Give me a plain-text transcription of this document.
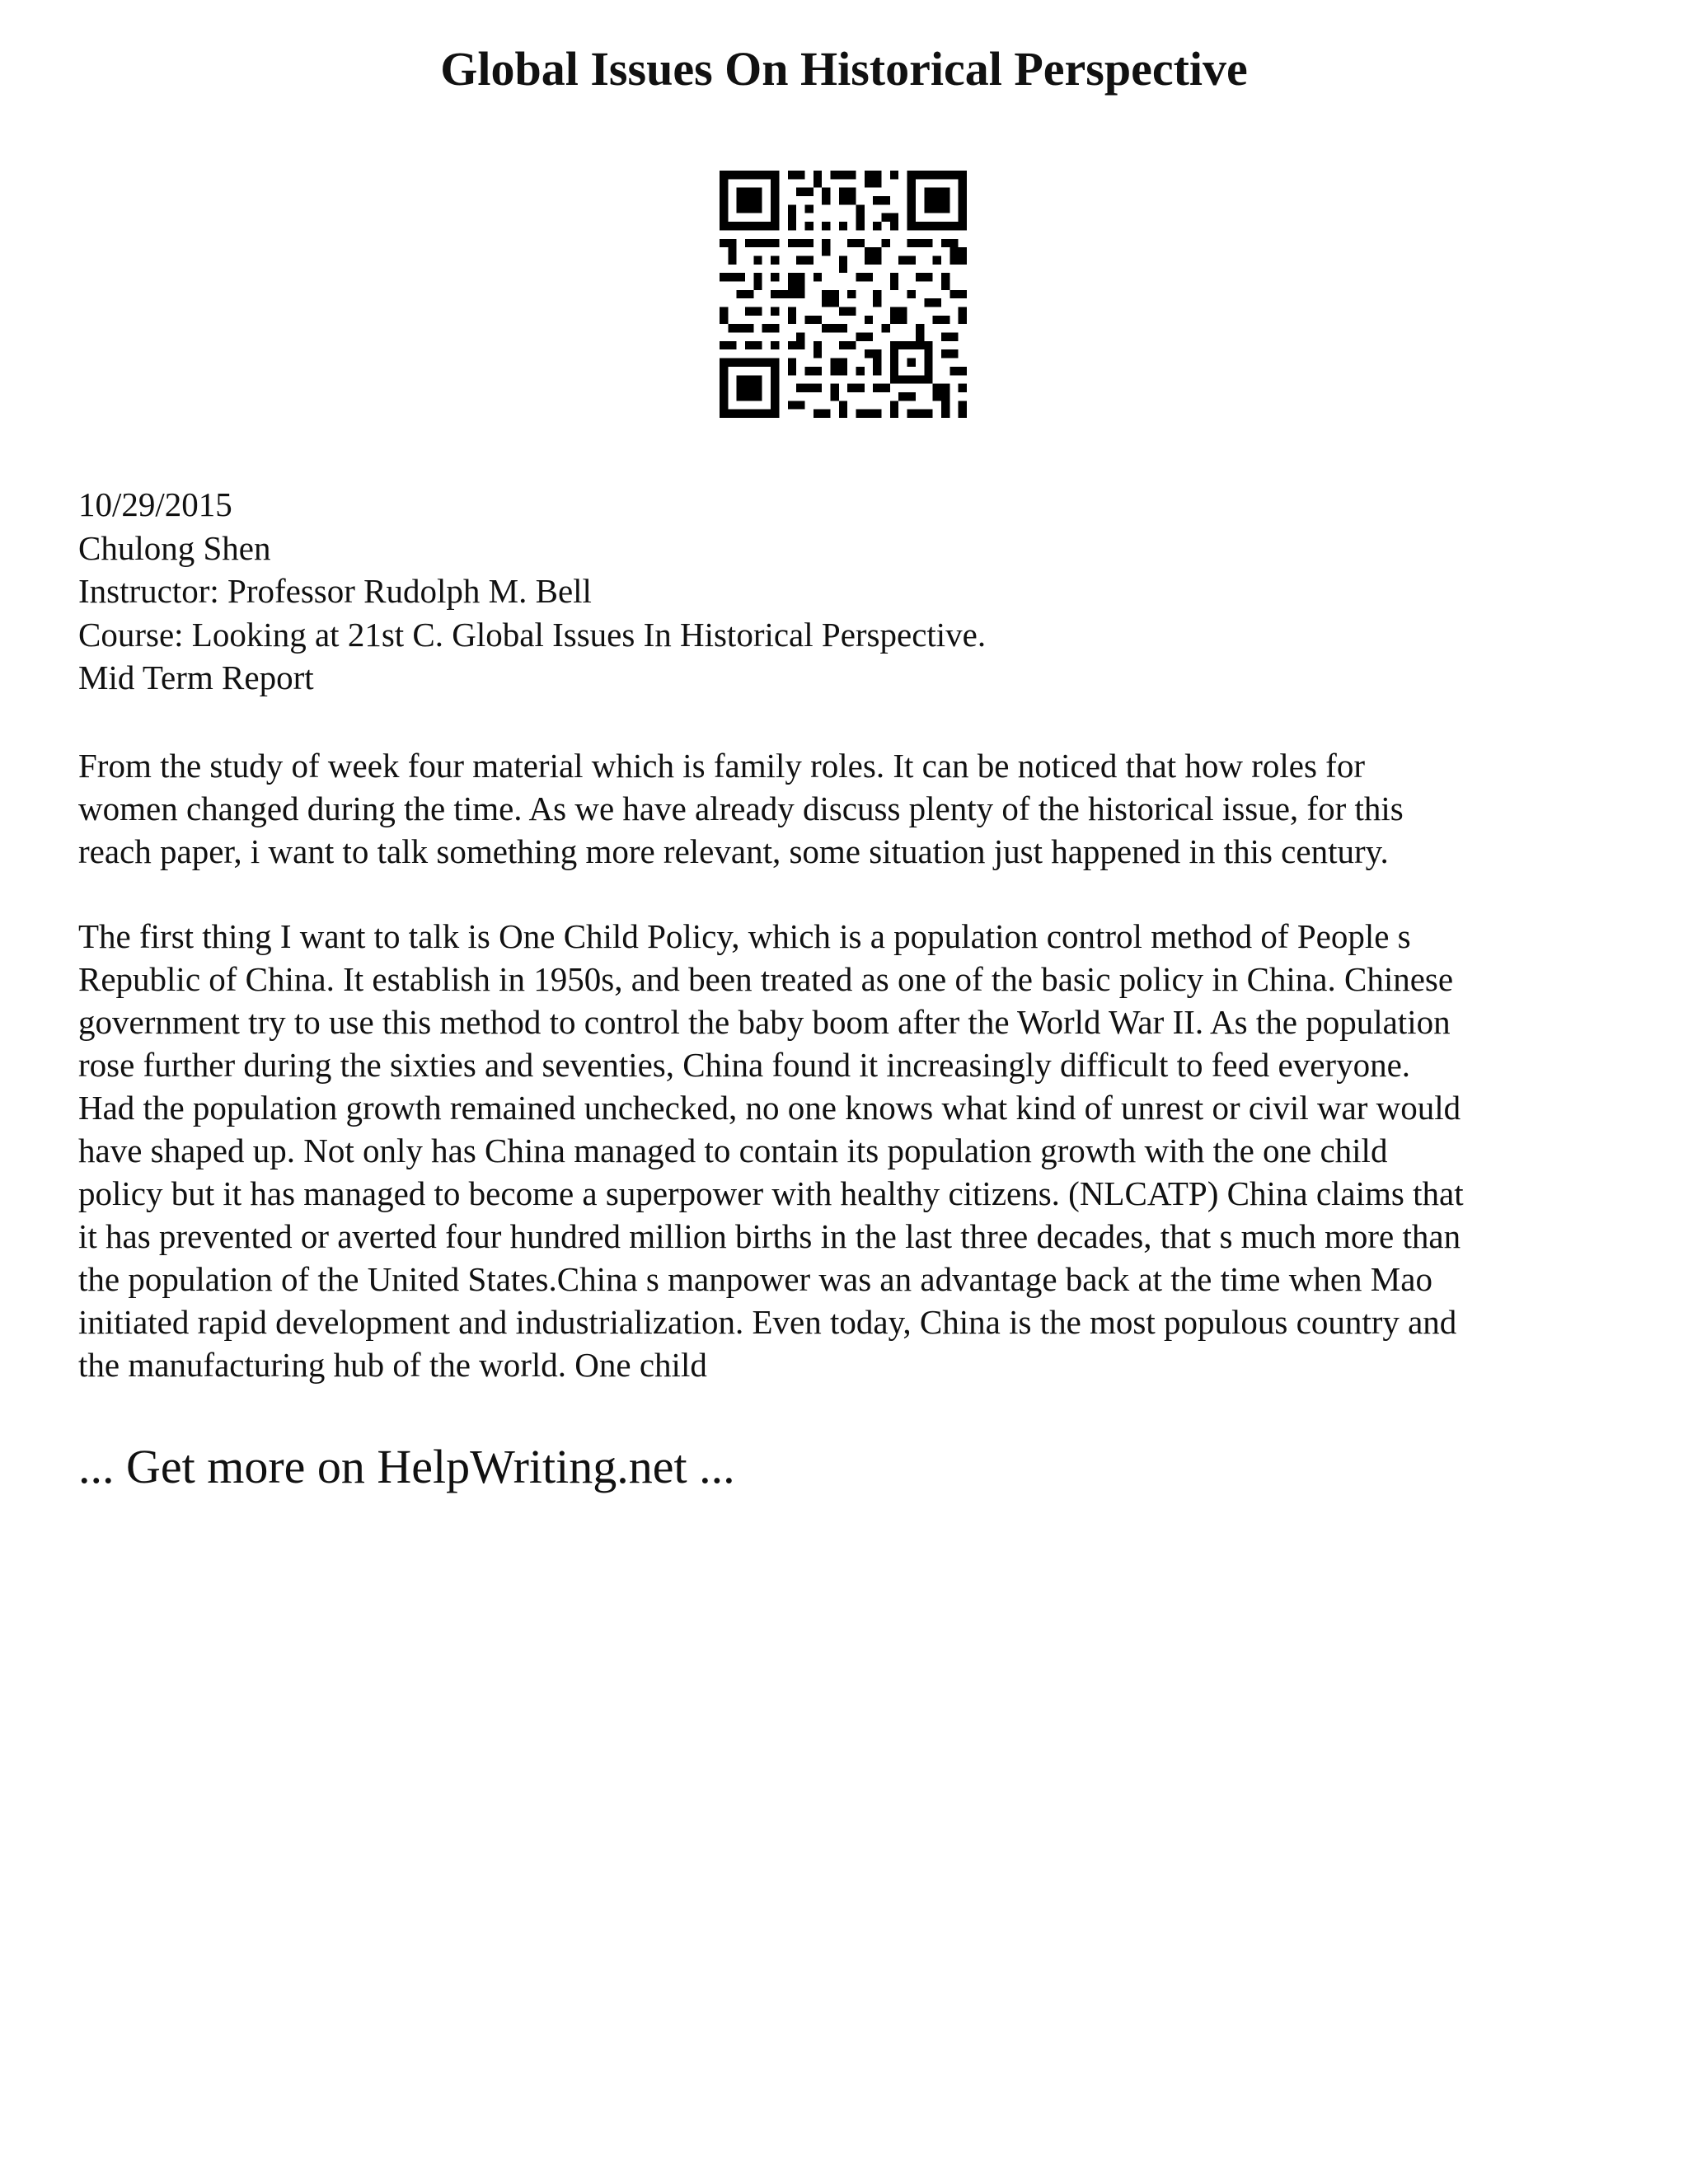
Global Issues On Historical Perspective
10/29/2015
Chulong Shen
Instructor: Professor Rudolph M. Bell
Course: Looking at 21st C. Global Issues In Historical Perspective.
Mid Term Report
From the study of week four material which is family roles. It can be noticed that how roles for
women changed during the time. As we have already discuss plenty of the historical issue, for this
reach paper, i want to talk something more relevant, some situation just happened in this century.
The first thing I want to talk is One Child Policy, which is a population control method of People s
Republic of China. It establish in 1950s, and been treated as one of the basic policy in China. Chinese
government try to use this method to control the baby boom after the World War II. As the population
rose further during the sixties and seventies, China found it increasingly difficult to feed everyone.
Had the population growth remained unchecked, no one knows what kind of unrest or civil war would
have shaped up. Not only has China managed to contain its population growth with the one child
policy but it has managed to become a superpower with healthy citizens. (NLCATP) China claims that
it has prevented or averted four hundred million births in the last three decades, that s much more than
the population of the United States.China s manpower was an advantage back at the time when Mao
initiated rapid development and industrialization. Even today, China is the most populous country and
the manufacturing hub of the world. One child
... Get more on HelpWriting.net ...
